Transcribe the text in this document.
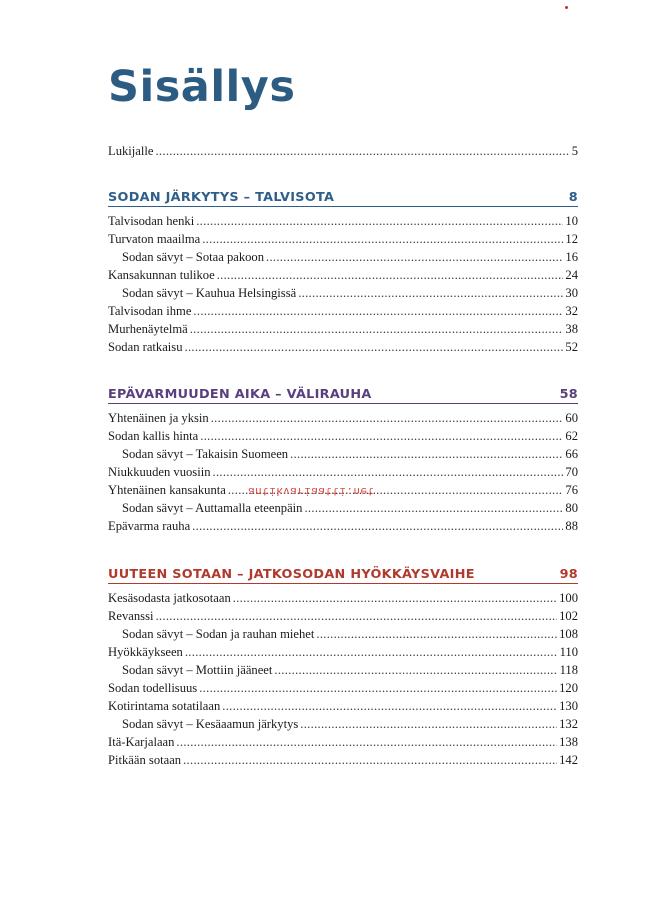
Sisällys
Lukijalle .....	5
SODAN JÄRKYTYS – TALVISOTA	8
Talvisodan henki .....	10
Turvaton maailma .....	12
Sodan sävyt – Sotaa pakoon .....	16
Kansakunnan tulikoe .....	24
Sodan sävyt – Kauhua Helsingissä .....	30
Talvisodan ihme .....	32
Murhenäytelmä .....	38
Sodan ratkaisu .....	52
EPÄVARMUUDEN AIKA – VÄLIRAUHA	58
Yhtenäinen ja yksin .....	60
Sodan kallis hinta .....	62
Sodan sävyt – Takaisin Suomeen .....	66
Niukkuuden vuosiin .....	70
Yhtenäinen kansakunta .....	76
Sodan sävyt – Auttamalla eteenpäin .....	80
Epävarma rauha .....	88
antikvariaatti.net
UUTEEN SOTAAN – JATKOSODAN HYÖKKÄYSVAIHE	98
Kesäsodasta jatkosotaan .....	100
Revanssi .....	102
Sodan sävyt – Sodan ja rauhan miehet .....	108
Hyökkäykseen .....	110
Sodan sävyt – Mottiin jääneet .....	118
Sodan todellisuus .....	120
Kotirintama sotatilaan .....	130
Sodan sävyt – Kesäaamun järkytys .....	132
Itä-Karjalaan .....	138
Pitkään sotaan .....	142
